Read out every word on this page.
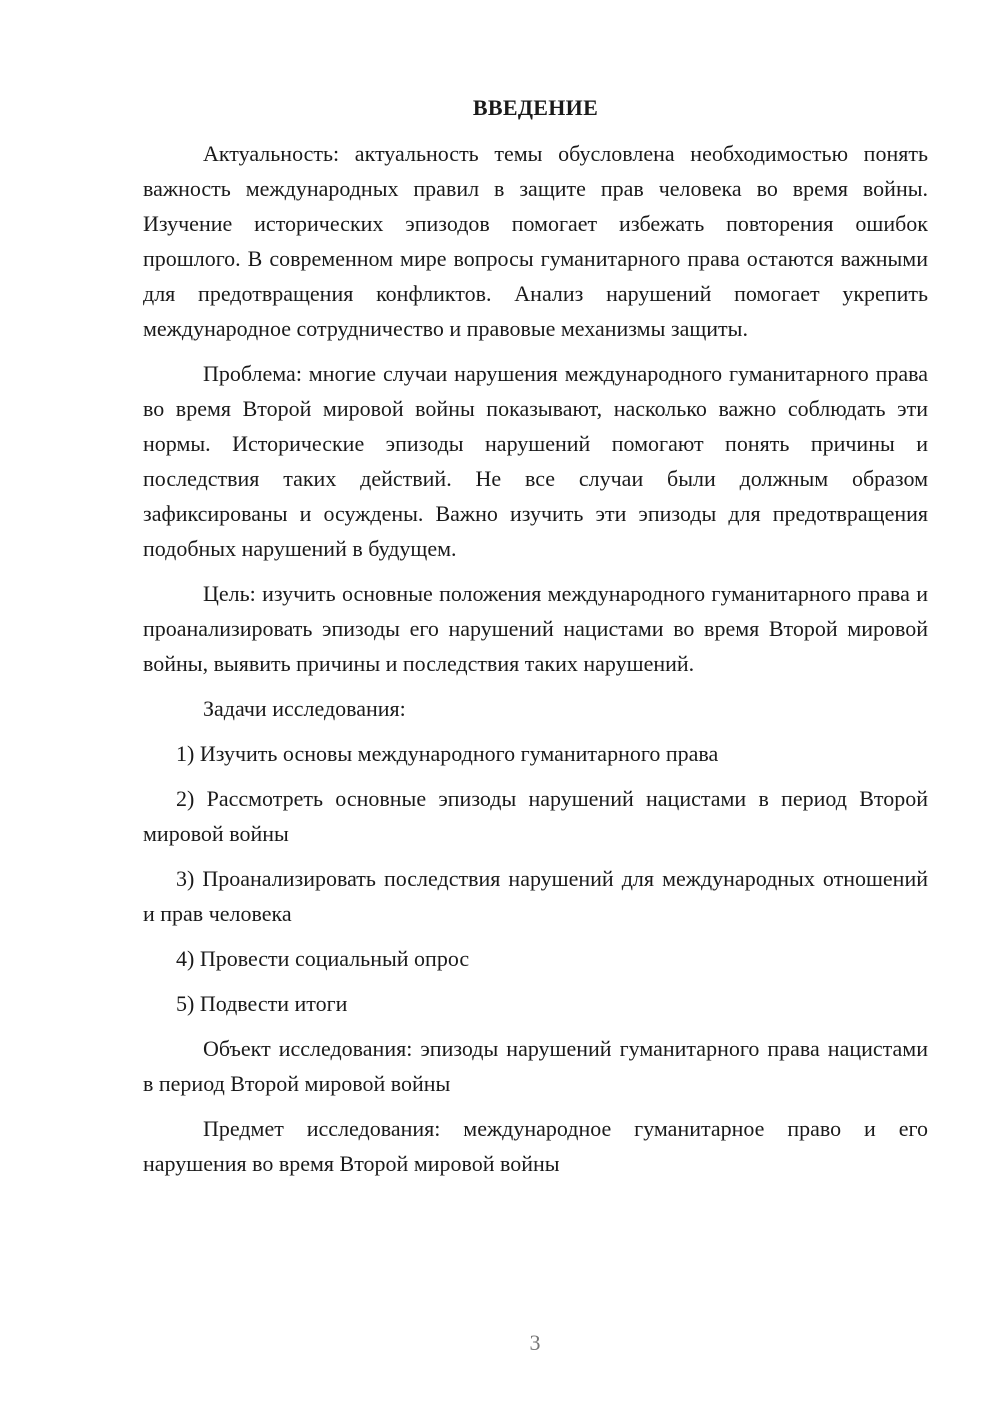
ВВЕДЕНИЕ

Актуальность: актуальность темы обусловлена необходимостью понять важность международных правил в защите прав человека во время войны. Изучение исторических эпизодов помогает избежать повторения ошибок прошлого. В современном мире вопросы гуманитарного права остаются важными для предотвращения конфликтов. Анализ нарушений помогает укрепить международное сотрудничество и правовые механизмы защиты.

Проблема: многие случаи нарушения международного гуманитарного права во время Второй мировой войны показывают, насколько важно соблюдать эти нормы. Исторические эпизоды нарушений помогают понять причины и последствия таких действий. Не все случаи были должным образом зафиксированы и осуждены. Важно изучить эти эпизоды для предотвращения подобных нарушений в будущем.

Цель: изучить основные положения международного гуманитарного права и проанализировать эпизоды его нарушений нацистами во время Второй мировой войны, выявить причины и последствия таких нарушений.

Задачи исследования:

1) Изучить основы международного гуманитарного права

2) Рассмотреть основные эпизоды нарушений нацистами в период Второй мировой войны

3) Проанализировать последствия нарушений для международных отношений и прав человека

4) Провести социальный опрос

5) Подвести итоги

Объект исследования: эпизоды нарушений гуманитарного права нацистами в период Второй мировой войны

Предмет исследования: международное гуманитарное право и его нарушения во время Второй мировой войны

3
